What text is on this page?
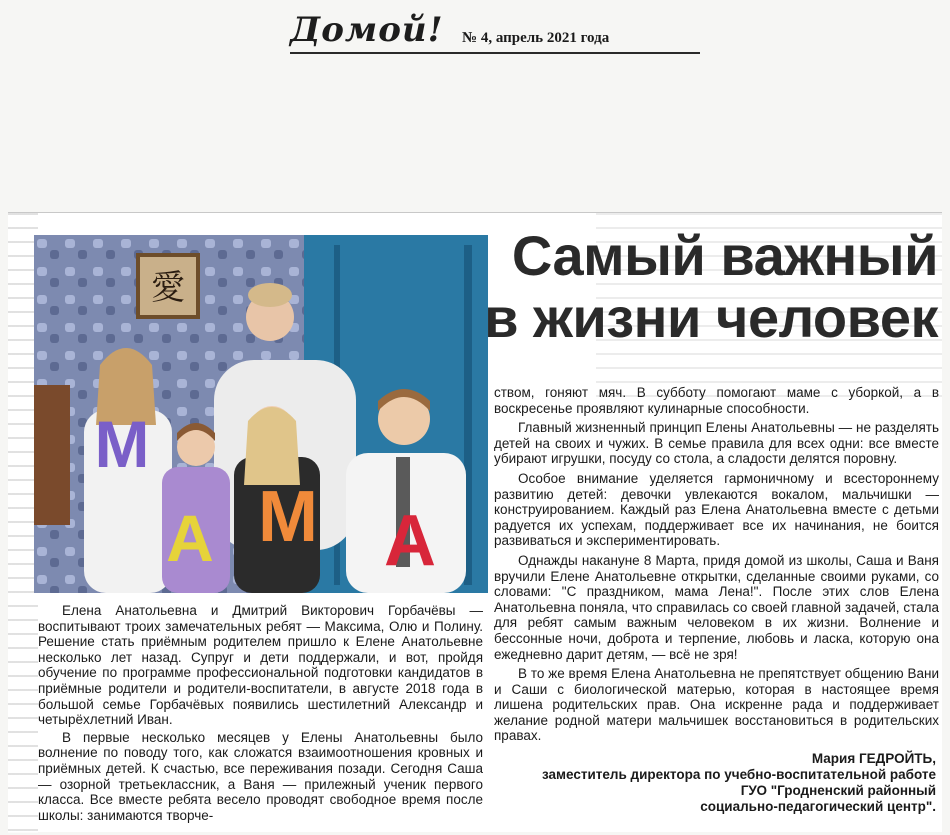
Домой! № 4, апрель 2021 года
愛
М
А М А
Самый важный
в жизни человек

Елена Анатольевна и Дмитрий Викторович Горбачёвы — воспитывают троих замечательных ребят — Максима, Олю и Полину. Решение стать приёмным родителем пришло к Елене Анатольевне несколько лет назад. Супруг и дети поддержали, и вот, пройдя обучение по программе профессиональной подготовки кандидатов в приёмные родители и родители-воспитатели, в августе 2018 года в большой семье Горбачёвых появились шестилетний Александр и четырёхлетний Иван.

В первые несколько месяцев у Елены Анатольевны было волнение по поводу того, как сложатся взаимоотношения кровных и приёмных детей. К счастью, все переживания позади. Сегодня Саша — озорной третьеклассник, а Ваня — прилежный ученик первого класса. Все вместе ребята весело проводят свободное время после школы: занимаются творче-

ством, гоняют мяч. В субботу помогают маме с уборкой, а в воскресенье проявляют кулинарные способности.

Главный жизненный принцип Елены Анатольевны — не разделять детей на своих и чужих. В семье правила для всех одни: все вместе убирают игрушки, посуду со стола, а сладости делятся поровну.

Особое внимание уделяется гармоничному и всестороннему развитию детей: девочки увлекаются вокалом, мальчишки — конструированием. Каждый раз Елена Анатольевна вместе с детьми радуется их успехам, поддерживает все их начинания, не боится развиваться и экспериментировать.

Однажды накануне 8 Марта, придя домой из школы, Саша и Ваня вручили Елене Анатольевне открытки, сделанные своими руками, со словами: "С праздником, мама Лена!". После этих слов Елена Анатольевна поняла, что справилась со своей главной задачей, стала для ребят самым важным человеком в их жизни. Волнение и бессонные ночи, доброта и терпение, любовь и ласка, которую она ежедневно дарит детям, — всё не зря!

В то же время Елена Анатольевна не препятствует общению Вани и Саши с биологической матерью, которая в настоящее время лишена родительских прав. Она искренне рада и поддерживает желание родной матери мальчишек восстановиться в родительских правах.

Мария ГЕДРОЙТЬ,
заместитель директора по учебно-воспитательной работе
ГУО "Гродненский районный
социально-педагогический центр".
